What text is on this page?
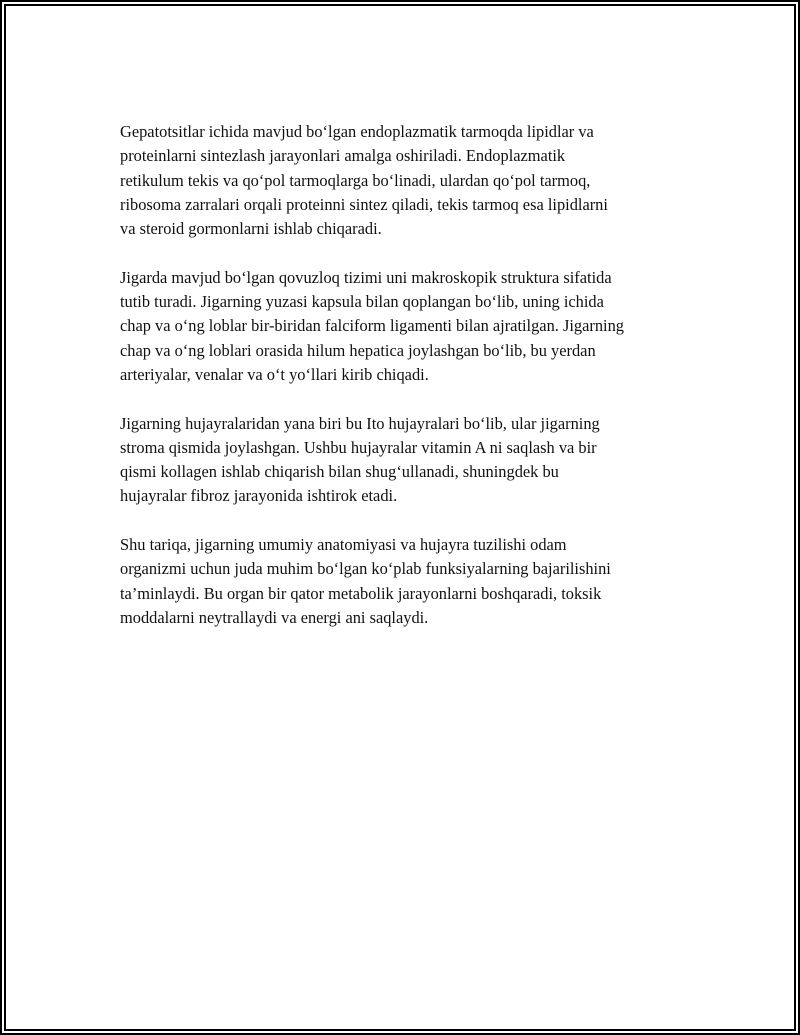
Gepatotsitlar ichida mavjud bo‘lgan endoplazmatik tarmoqda lipidlar va
proteinlarni sintezlash jarayonlari amalga oshiriladi. Endoplazmatik
retikulum tekis va qo‘pol tarmoqlarga bo‘linadi, ulardan qo‘pol tarmoq,
ribosoma zarralari orqali proteinni sintez qiladi, tekis tarmoq esa lipidlarni
va steroid gormonlarni ishlab chiqaradi.

Jigarda mavjud bo‘lgan qovuzloq tizimi uni makroskopik struktura sifatida
tutib turadi. Jigarning yuzasi kapsula bilan qoplangan bo‘lib, uning ichida
chap va o‘ng loblar bir-biridan falciform ligamenti bilan ajratilgan. Jigarning
chap va o‘ng loblari orasida hilum hepatica joylashgan bo‘lib, bu yerdan
arteriyalar, venalar va o‘t yo‘llari kirib chiqadi.

Jigarning hujayralaridan yana biri bu Ito hujayralari bo‘lib, ular jigarning
stroma qismida joylashgan. Ushbu hujayralar vitamin A ni saqlash va bir
qismi kollagen ishlab chiqarish bilan shug‘ullanadi, shuningdek bu
hujayralar fibroz jarayonida ishtirok etadi.

Shu tariqa, jigarning umumiy anatomiyasi va hujayra tuzilishi odam
organizmi uchun juda muhim bo‘lgan ko‘plab funksiyalarning bajarilishini
ta’minlaydi. Bu organ bir qator metabolik jarayonlarni boshqaradi, toksik
moddalarni neytrallaydi va energi ani saqlaydi.
